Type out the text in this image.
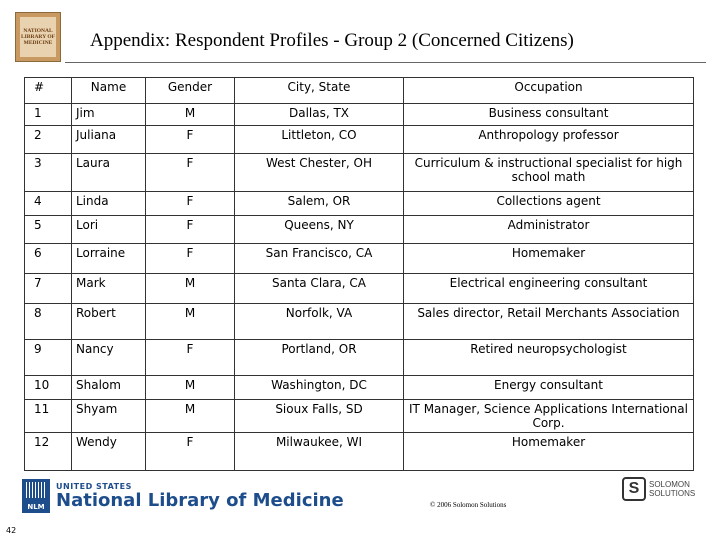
NATIONAL
LIBRARY OF
MEDICINE Appendix: Respondent Profiles - Group 2 (Concerned Citizens)
#	Name	Gender	City, State	Occupation
1	Jim	M	Dallas, TX	Business consultant
2	Juliana	F	Littleton, CO	Anthropology professor
3	Laura	F	West Chester, OH	Curriculum & instructional specialist for high school math
4	Linda	F	Salem, OR	Collections agent
5	Lori	F	Queens, NY	Administrator
6	Lorraine	F	San Francisco, CA	Homemaker
7	Mark	M	Santa Clara, CA	Electrical engineering consultant
8	Robert	M	Norfolk, VA	Sales director, Retail Merchants Association
9	Nancy	F	Portland, OR	Retired neuropsychologist
10	Shalom	M	Washington, DC	Energy consultant
11	Shyam	M	Sioux Falls, SD	IT Manager, Science Applications International Corp.
12	Wendy	F	Milwaukee, WI	Homemaker
NLM
UNITED STATES
National Library of Medicine	© 2006 Solomon Solutions
S	SOLOMON
SOLUTIONS
42
